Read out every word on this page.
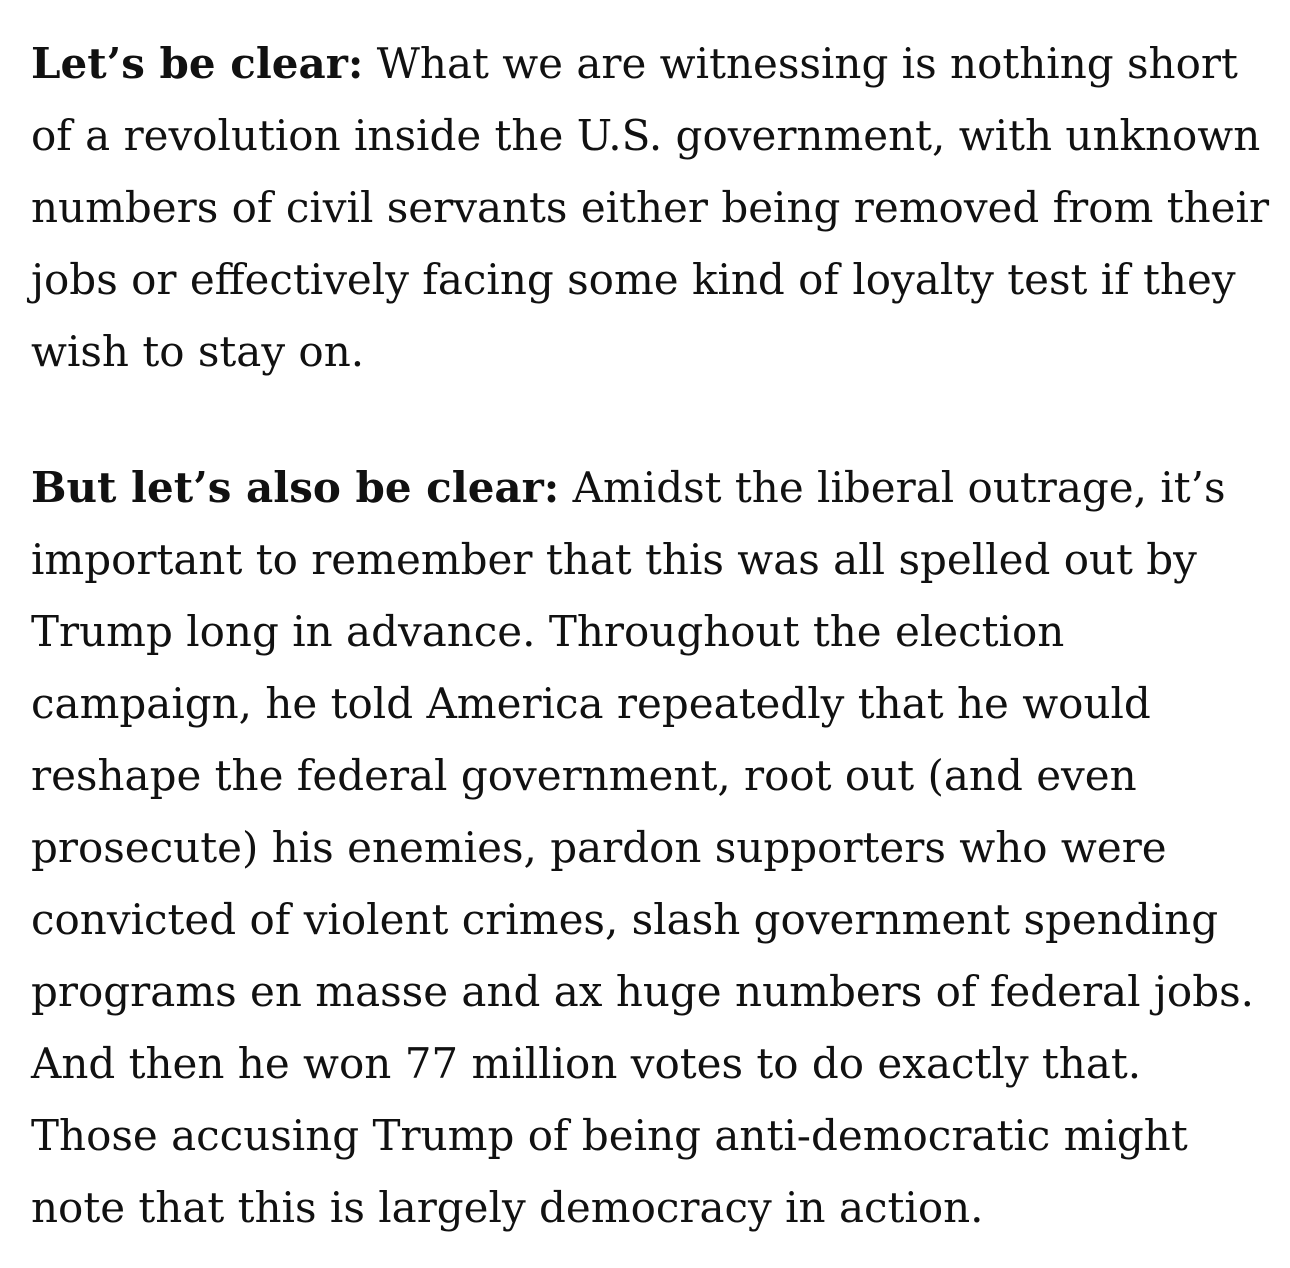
Let’s be clear: What we are witnessing is nothing short of a revolution inside the U.S. government, with unknown numbers of civil servants either being removed from their jobs or effectively facing some kind of loyalty test if they wish to stay on.

But let’s also be clear: Amidst the liberal outrage, it’s important to remember that this was all spelled out by Trump long in advance. Throughout the election campaign, he told America repeatedly that he would reshape the federal government, root out (and even prosecute) his enemies, pardon supporters who were convicted of violent crimes, slash government spending programs en masse and ax huge numbers of federal jobs. And then he won 77 million votes to do exactly that. Those accusing Trump of being anti-democratic might note that this is largely democracy in action.
